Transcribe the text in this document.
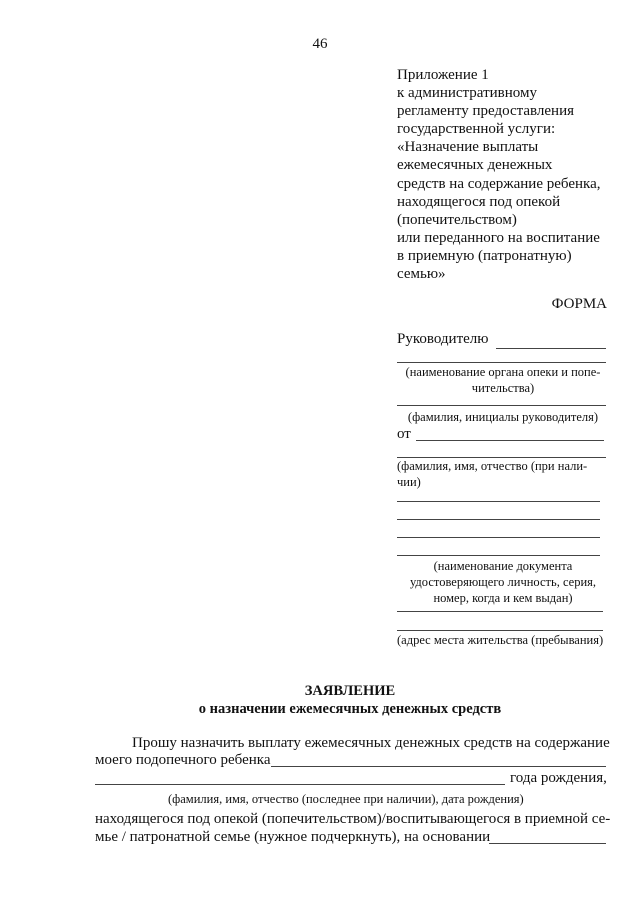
46
Приложение 1
к административному
регламенту предоставления
государственной услуги:
«Назначение выплаты
ежемесячных денежных
средств на содержание ребенка,
находящегося под опекой
(попечительством)
или переданного на воспитание
в приемную (патронатную)
семью»
ФОРМА
Руководителю
(наименование органа опеки и попе-
чительства)
(фамилия, инициалы руководителя)
от
(фамилия, имя, отчество (при нали-
чии)
(наименование документа
удостоверяющего личность, серия,
номер, когда и кем выдан)
(адрес места жительства (пребывания)
ЗАЯВЛЕНИЕ
о назначении ежемесячных денежных средств
Прошу назначить выплату ежемесячных денежных средств на содержание
моего подопечного ребенка
года рождения,
(фамилия, имя, отчество (последнее при наличии), дата рождения)
находящегося под опекой (попечительством)/воспитывающегося в приемной се-
мье / патронатной семье (нужное подчеркнуть), на основании
